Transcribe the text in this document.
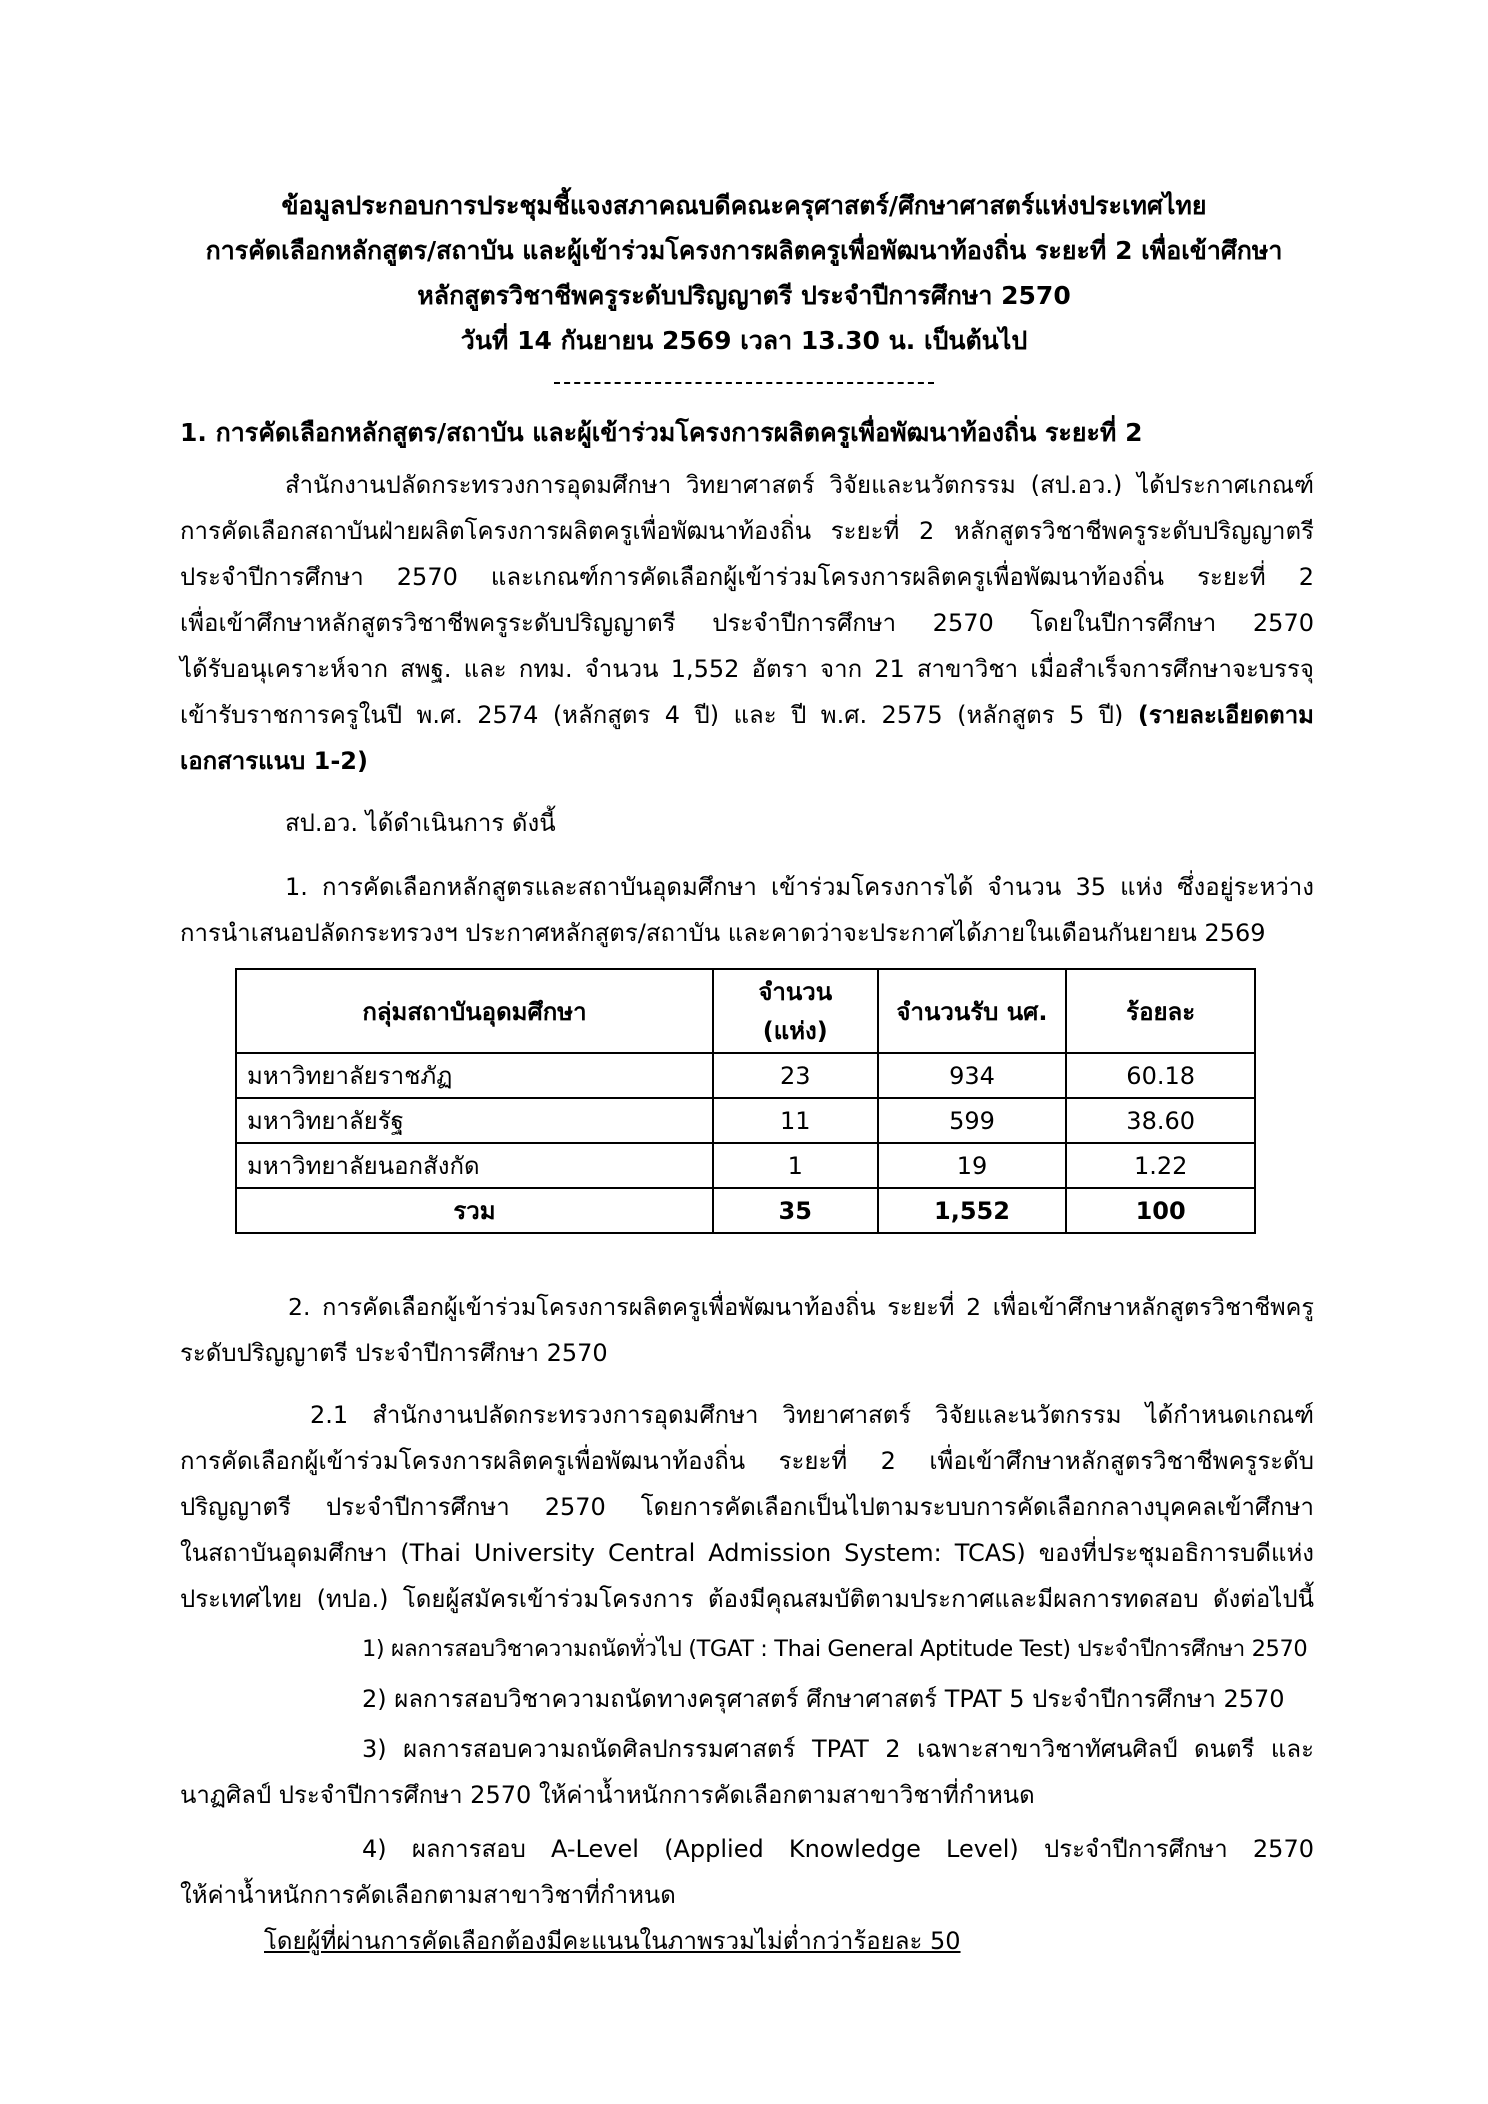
ข้อมูลประกอบการประชุมชี้แจงสภาคณบดีคณะครุศาสตร์/ศึกษาศาสตร์แห่งประเทศไทย
การคัดเลือกหลักสูตร/สถาบัน และผู้เข้าร่วมโครงการผลิตครูเพื่อพัฒนาท้องถิ่น ระยะที่ 2 เพื่อเข้าศึกษา
หลักสูตรวิชาชีพครูระดับปริญญาตรี ประจำปีการศึกษา 2570
วันที่ 14 กันยายน 2569 เวลา 13.30 น. เป็นต้นไป
1. การคัดเลือกหลักสูตร/สถาบัน และผู้เข้าร่วมโครงการผลิตครูเพื่อพัฒนาท้องถิ่น ระยะที่ 2
สำนักงานปลัดกระทรวงการอุดมศึกษา วิทยาศาสตร์ วิจัยและนวัตกรรม (สป.อว.) ได้ประกาศเกณฑ์
การคัดเลือกสถาบันฝ่ายผลิตโครงการผลิตครูเพื่อพัฒนาท้องถิ่น ระยะที่ 2 หลักสูตรวิชาชีพครูระดับปริญญาตรี
ประจำปีการศึกษา 2570 และเกณฑ์การคัดเลือกผู้เข้าร่วมโครงการผลิตครูเพื่อพัฒนาท้องถิ่น ระยะที่ 2
เพื่อเข้าศึกษาหลักสูตรวิชาชีพครูระดับปริญญาตรี ประจำปีการศึกษา 2570 โดยในปีการศึกษา 2570
ได้รับอนุเคราะห์จาก สพฐ. และ กทม. จำนวน 1,552 อัตรา จาก 21 สาขาวิชา เมื่อสำเร็จการศึกษาจะบรรจุ
เข้ารับราชการครูในปี พ.ศ. 2574 (หลักสูตร 4 ปี) และ ปี พ.ศ. 2575 (หลักสูตร 5 ปี) (รายละเอียดตาม
เอกสารแนบ 1-2)
สป.อว. ได้ดำเนินการ ดังนี้
1. การคัดเลือกหลักสูตรและสถาบันอุดมศึกษา เข้าร่วมโครงการได้ จำนวน 35 แห่ง ซึ่งอยู่ระหว่าง
การนำเสนอปลัดกระทรวงฯ ประกาศหลักสูตร/สถาบัน และคาดว่าจะประกาศได้ภายในเดือนกันยายน 2569
กลุ่มสถาบันอุดมศึกษา	จำนวน (แห่ง)	จำนวนรับ นศ.	ร้อยละ
มหาวิทยาลัยราชภัฏ	23	934	60.18
มหาวิทยาลัยรัฐ	11	599	38.60
มหาวิทยาลัยนอกสังกัด	1	19	1.22
รวม	35	1,552	100
2. การคัดเลือกผู้เข้าร่วมโครงการผลิตครูเพื่อพัฒนาท้องถิ่น ระยะที่ 2 เพื่อเข้าศึกษาหลักสูตรวิชาชีพครู
ระดับปริญญาตรี ประจำปีการศึกษา 2570
2.1 สำนักงานปลัดกระทรวงการอุดมศึกษา วิทยาศาสตร์ วิจัยและนวัตกรรม ได้กำหนดเกณฑ์
การคัดเลือกผู้เข้าร่วมโครงการผลิตครูเพื่อพัฒนาท้องถิ่น ระยะที่ 2 เพื่อเข้าศึกษาหลักสูตรวิชาชีพครูระดับ
ปริญญาตรี ประจำปีการศึกษา 2570 โดยการคัดเลือกเป็นไปตามระบบการคัดเลือกกลางบุคคลเข้าศึกษา
ในสถาบันอุดมศึกษา (Thai University Central Admission System: TCAS) ของที่ประชุมอธิการบดีแห่ง
ประเทศไทย (ทปอ.) โดยผู้สมัครเข้าร่วมโครงการ ต้องมีคุณสมบัติตามประกาศและมีผลการทดสอบ ดังต่อไปนี้
1) ผลการสอบวิชาความถนัดทั่วไป (TGAT : Thai General Aptitude Test) ประจำปีการศึกษา 2570
2) ผลการสอบวิชาความถนัดทางครุศาสตร์ ศึกษาศาสตร์ TPAT 5 ประจำปีการศึกษา 2570
3) ผลการสอบความถนัดศิลปกรรมศาสตร์ TPAT 2 เฉพาะสาขาวิชาทัศนศิลป์ ดนตรี และ
นาฏศิลป์ ประจำปีการศึกษา 2570 ให้ค่าน้ำหนักการคัดเลือกตามสาขาวิชาที่กำหนด
4) ผลการสอบ A-Level (Applied Knowledge Level) ประจำปีการศึกษา 2570
ให้ค่าน้ำหนักการคัดเลือกตามสาขาวิชาที่กำหนด
โดยผู้ที่ผ่านการคัดเลือกต้องมีคะแนนในภาพรวมไม่ต่ำกว่าร้อยละ 50
